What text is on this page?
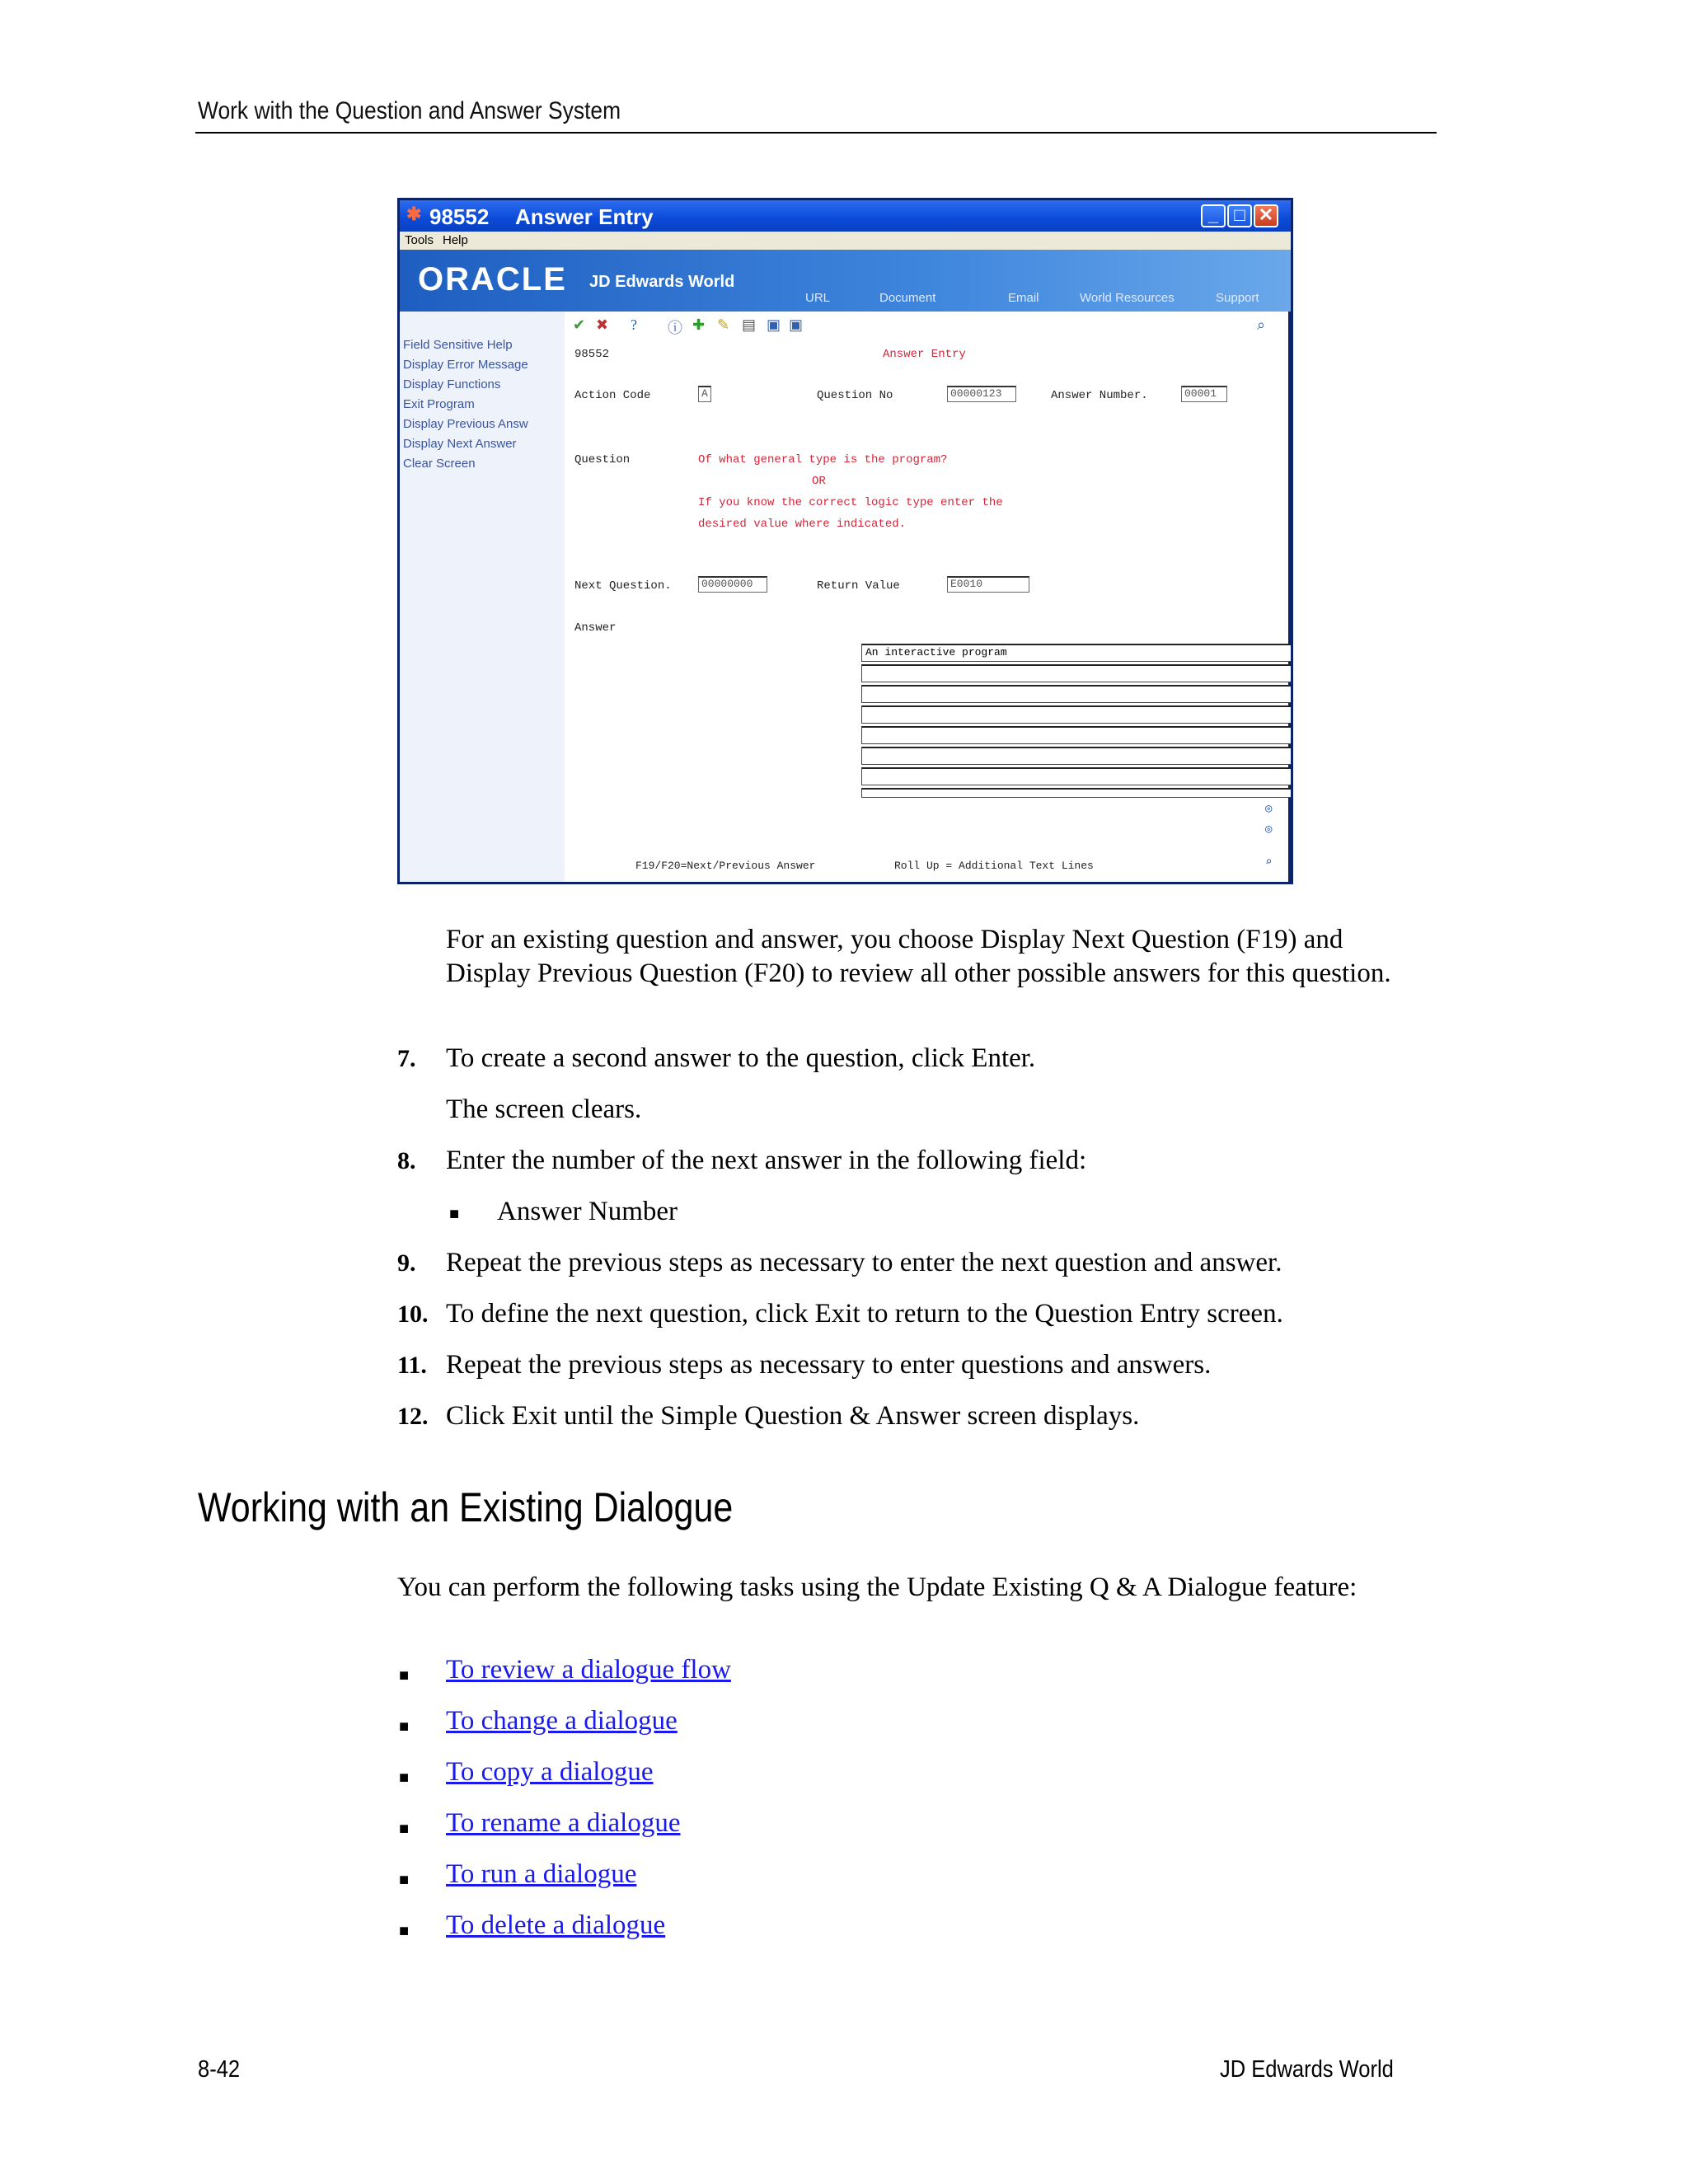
Work with the Question and Answer System
✱ 98552 Answer Entry	_ □ ✕
Tools Help
ORACLE JD Edwards World
URL	Document	Email	World Resources	Support
Field Sensitive Help
Display Error Message
Display Functions
Exit Program
Display Previous Answ
Display Next Answer
Clear Screen
✔ ✖ ? ⓘ ✚ ✎ ▤ ▣ ▣	⌕
98552	Answer Entry
Action Code	A	Question No	00000123	Answer Number.	00001
Question	Of what general type is the program?
OR
If you know the correct logic type enter the
desired value where indicated.
Next Question.	00000000	Return Value	E0010
Answer
An interactive program
F19/F20=Next/Previous Answer	Roll Up = Additional Text Lines
◎
◎
⌕
For an existing question and answer, you choose Display Next Question (F19) and Display Previous Question (F20) to review all other possible answers for this question.
7. To create a second answer to the question, click Enter.
The screen clears.
8. Enter the number of the next answer in the following field:
■ Answer Number
9. Repeat the previous steps as necessary to enter the next question and answer.
10. To define the next question, click Exit to return to the Question Entry screen.
11. Repeat the previous steps as necessary to enter questions and answers.
12. Click Exit until the Simple Question & Answer screen displays.
Working with an Existing Dialogue
You can perform the following tasks using the Update Existing Q & A Dialogue feature:
■ To review a dialogue flow
■ To change a dialogue
■ To copy a dialogue
■ To rename a dialogue
■ To run a dialogue
■ To delete a dialogue
8-42	JD Edwards World
